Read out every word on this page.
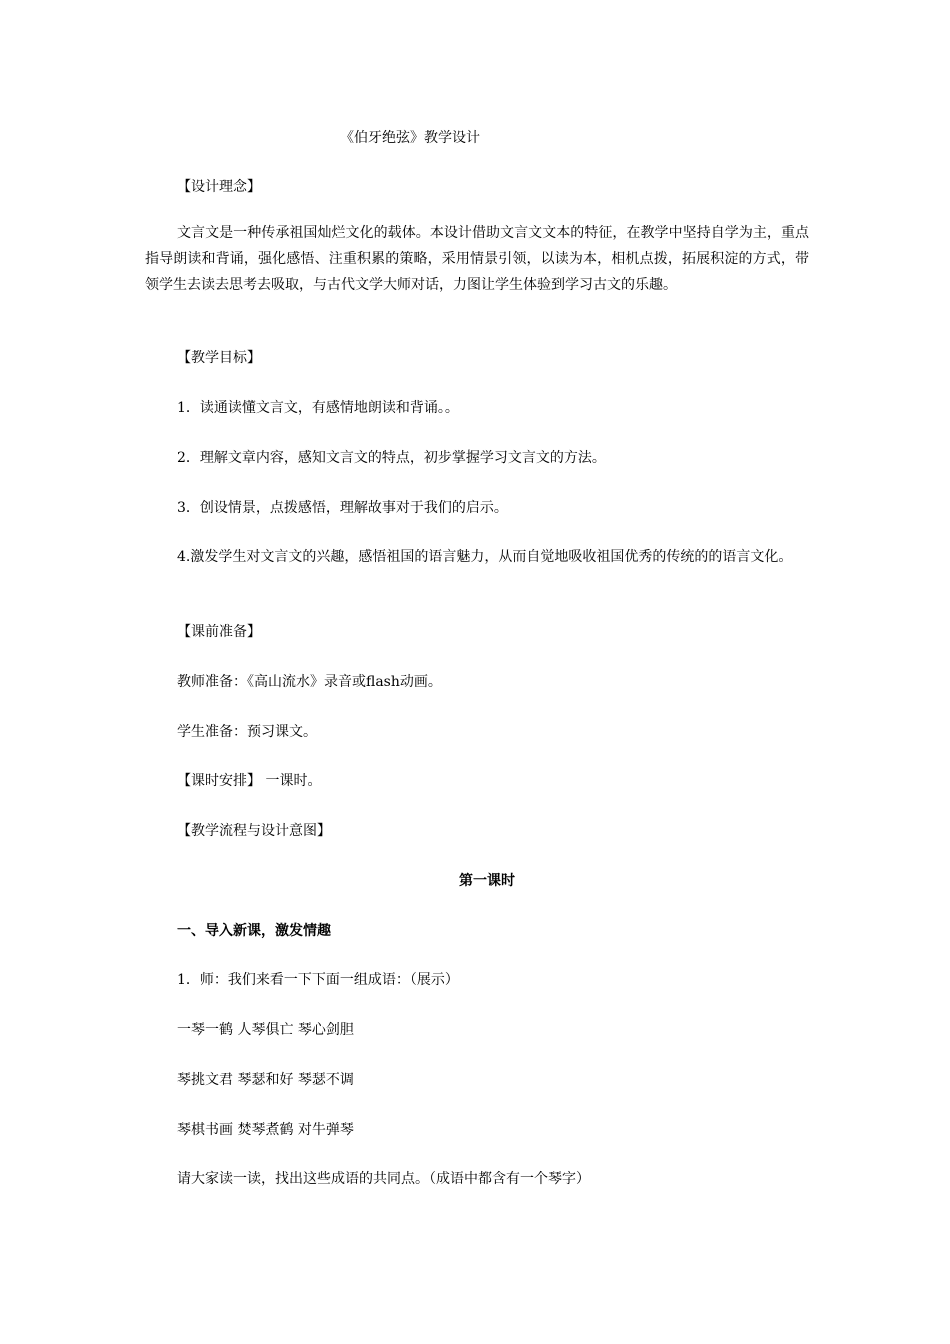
《伯牙绝弦》教学设计
【设计理念】
文言文是一种传承祖国灿烂文化的载体。本设计借助文言文文本的特征，在教学中坚持自学为主，重点指导朗读和背诵，强化感悟、注重积累的策略，采用情景引领，以读为本，相机点拨，拓展积淀的方式，带领学生去读去思考去吸取，与古代文学大师对话，力图让学生体验到学习古文的乐趣。
【教学目标】
1．读通读懂文言文，有感情地朗读和背诵。。
2．理解文章内容，感知文言文的特点，初步掌握学习文言文的方法。
3．创设情景，点拨感悟，理解故事对于我们的启示。
4.激发学生对文言文的兴趣，感悟祖国的语言魅力，从而自觉地吸收祖国优秀的传统的的语言文化。
【课前准备】
教师准备：《高山流水》录音或flash动画。
学生准备：预习课文。
【课时安排】 一课时。
【教学流程与设计意图】
第一课时
一、导入新课，激发情趣
1．师：我们来看一下下面一组成语：（展示）
一琴一鹤 人琴俱亡 琴心剑胆
琴挑文君 琴瑟和好 琴瑟不调
琴棋书画 焚琴煮鹤 对牛弹琴
请大家读一读，找出这些成语的共同点。（成语中都含有一个琴字）
